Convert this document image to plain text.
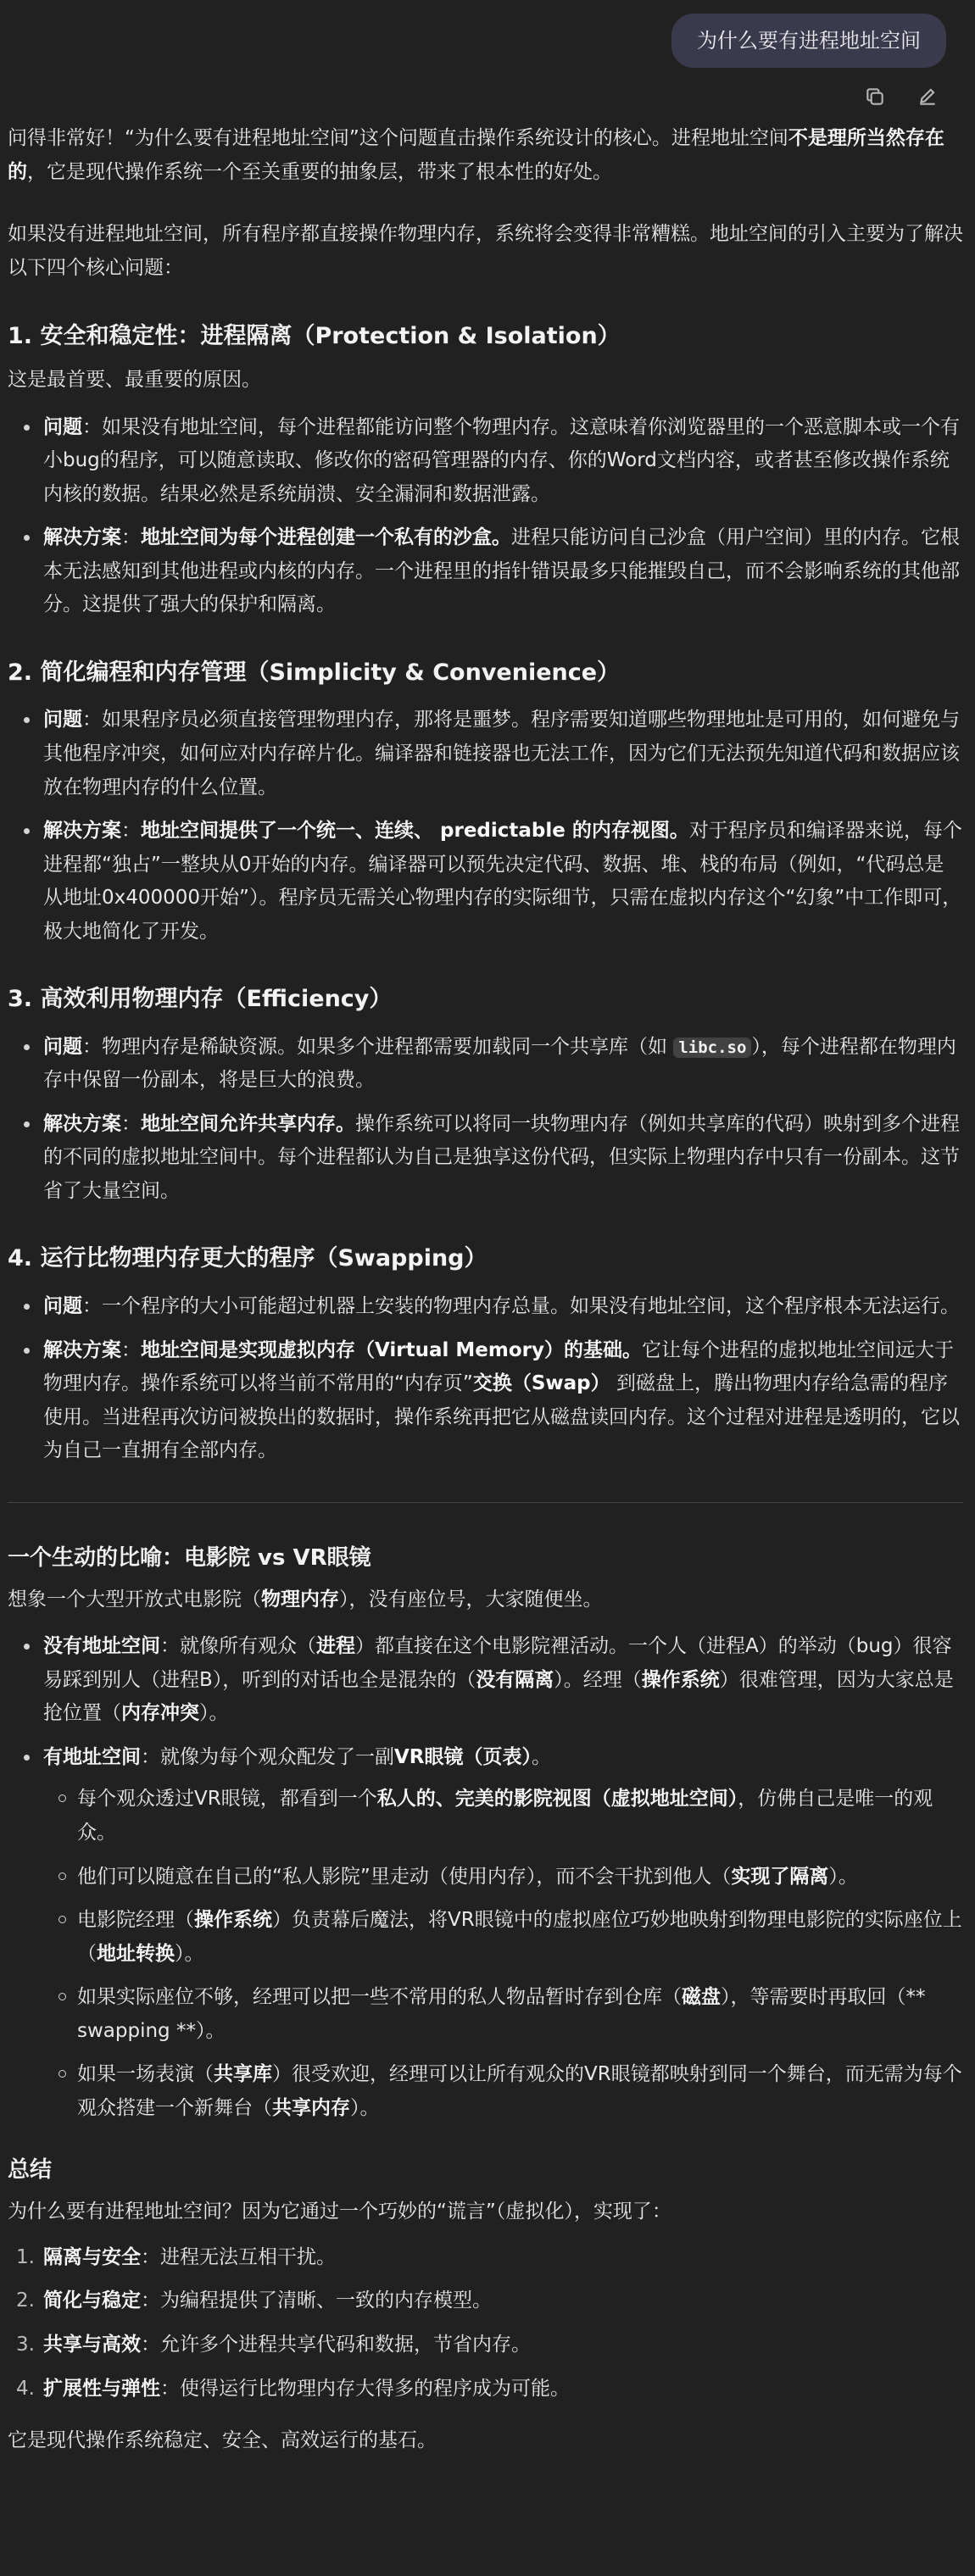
为什么要有进程地址空间

问得非常好！“为什么要有进程地址空间”这个问题直击操作系统设计的核心。进程地址空间不是理所当然存在的，它是现代操作系统一个至关重要的抽象层，带来了根本性的好处。

如果没有进程地址空间，所有程序都直接操作物理内存，系统将会变得非常糟糕。地址空间的引入主要为了解决以下四个核心问题：

1. 安全和稳定性：进程隔离（Protection & Isolation）

这是最首要、最重要的原因。

问题：如果没有地址空间，每个进程都能访问整个物理内存。这意味着你浏览器里的一个恶意脚本或一个有小bug的程序，可以随意读取、修改你的密码管理器的内存、你的Word文档内容，或者甚至修改操作系统内核的数据。结果必然是系统崩溃、安全漏洞和数据泄露。
解决方案：地址空间为每个进程创建一个私有的沙盒。进程只能访问自己沙盒（用户空间）里的内存。它根本无法感知到其他进程或内核的内存。一个进程里的指针错误最多只能摧毁自己，而不会影响系统的其他部分。这提供了强大的保护和隔离。
2. 简化编程和内存管理（Simplicity & Convenience）
问题：如果程序员必须直接管理物理内存，那将是噩梦。程序需要知道哪些物理地址是可用的，如何避免与其他程序冲突，如何应对内存碎片化。编译器和链接器也无法工作，因为它们无法预先知道代码和数据应该放在物理内存的什么位置。
解决方案：地址空间提供了一个统一、连续、 predictable 的内存视图。对于程序员和编译器来说，每个进程都“独占”一整块从0开始的内存。编译器可以预先决定代码、数据、堆、栈的布局（例如，“代码总是从地址0x400000开始”）。程序员无需关心物理内存的实际细节，只需在虚拟内存这个“幻象”中工作即可，极大地简化了开发。
3. 高效利用物理内存（Efficiency）
问题：物理内存是稀缺资源。如果多个进程都需要加载同一个共享库（如 libc.so ），每个进程都在物理内存中保留一份副本，将是巨大的浪费。
解决方案：地址空间允许共享内存。操作系统可以将同一块物理内存（例如共享库的代码）映射到多个进程的不同的虚拟地址空间中。每个进程都认为自己是独享这份代码，但实际上物理内存中只有一份副本。这节省了大量空间。
4. 运行比物理内存更大的程序（Swapping）
问题：一个程序的大小可能超过机器上安装的物理内存总量。如果没有地址空间，这个程序根本无法运行。
解决方案：地址空间是实现虚拟内存（Virtual Memory）的基础。它让每个进程的虚拟地址空间远大于物理内存。操作系统可以将当前不常用的“内存页”交换（Swap） 到磁盘上，腾出物理内存给急需的程序使用。当进程再次访问被换出的数据时，操作系统再把它从磁盘读回内存。这个过程对进程是透明的，它以为自己一直拥有全部内存。
一个生动的比喻：电影院 vs VR眼镜

想象一个大型开放式电影院（物理内存），没有座位号，大家随便坐。

没有地址空间：就像所有观众（进程）都直接在这个电影院裡活动。一个人（进程A）的举动（bug）很容易踩到别人（进程B），听到的对话也全是混杂的（没有隔离）。经理（操作系统）很难管理，因为大家总是抢位置（内存冲突）。
有地址空间：就像为每个观众配发了一副VR眼镜（页表）。
每个观众透过VR眼镜，都看到一个私人的、完美的影院视图（虚拟地址空间），仿佛自己是唯一的观众。
他们可以随意在自己的“私人影院”里走动（使用内存），而不会干扰到他人（实现了隔离）。
电影院经理（操作系统）负责幕后魔法，将VR眼镜中的虚拟座位巧妙地映射到物理电影院的实际座位上（地址转换）。
如果实际座位不够，经理可以把一些不常用的私人物品暂时存到仓库（磁盘），等需要时再取回（** swapping **）。
如果一场表演（共享库）很受欢迎，经理可以让所有观众的VR眼镜都映射到同一个舞台，而无需为每个观众搭建一个新舞台（共享内存）。
总结

为什么要有进程地址空间？因为它通过一个巧妙的“谎言”（虚拟化），实现了：

1. 隔离与安全：进程无法互相干扰。
2. 简化与稳定：为编程提供了清晰、一致的内存模型。
3. 共享与高效：允许多个进程共享代码和数据，节省内存。
4. 扩展性与弹性：使得运行比物理内存大得多的程序成为可能。

它是现代操作系统稳定、安全、高效运行的基石。
